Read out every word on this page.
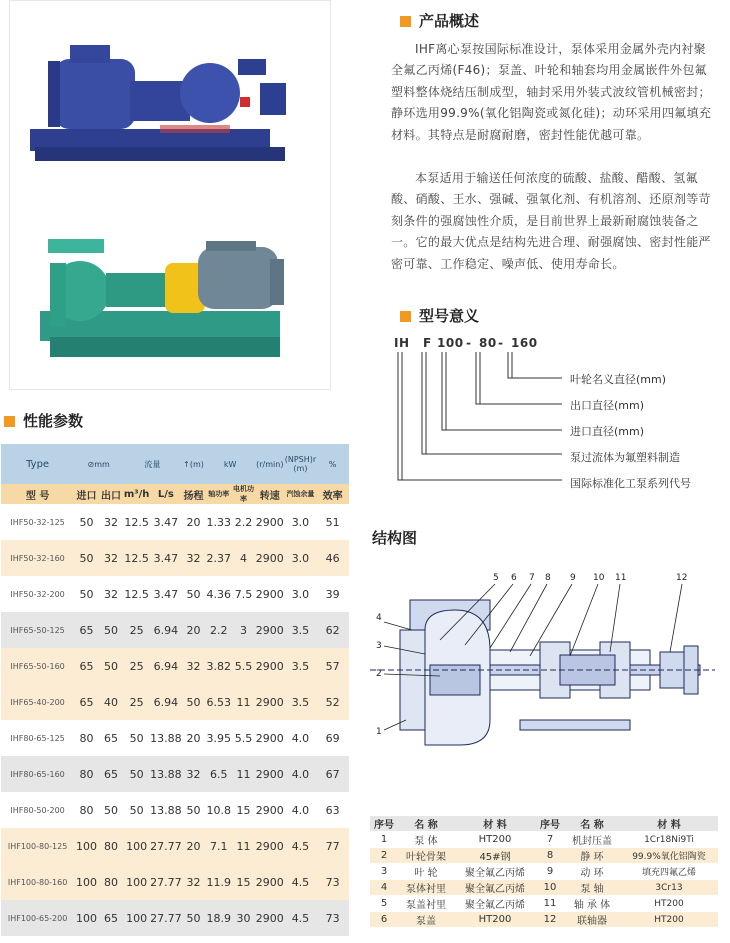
产品概述
IHF离心泵按国际标准设计，泵体采用金属外壳内衬聚全氟乙丙烯(F46)；泵盖、叶轮和轴套均用金属嵌件外包氟塑料整体烧结压制成型，轴封采用外装式波纹管机械密封；静环选用99.9%(氧化铝陶瓷或氮化硅)；动环采用四氟填充材料。其特点是耐腐耐磨，密封性能优越可靠。
本泵适用于输送任何浓度的硫酸、盐酸、醋酸、氢氟酸、硝酸、王水、强碱、强氧化剂、有机溶剂、还原剂等苛刻条件的强腐蚀性介质，是目前世界上最新耐腐蚀装备之一。它的最大优点是结构先进合理、耐强腐蚀、密封性能严密可靠、工作稳定、噪声低、使用寿命长。
型号意义
IH F 100 - 80 - 160
叶轮名义直径(mm)
出口直径(mm)
进口直径(mm)
泵过流体为氟塑料制造
国际标准化工泵系列代号
结构图
5 6 7 8 9 10 11	12
4
3
2
1
性能参数
Type	⊘mm		流量		↑(m)	kW		(r/min)	(NPSH)r (m)	%
型 号	进口	出口	m³/h	L/s	扬程	轴功率	电机功率	转速	汽蚀余量	效率
IHF50-32-125	50	32	12.5	3.47	20	1.33	2.2	2900	3.0	51
IHF50-32-160	50	32	12.5	3.47	32	2.37	4	2900	3.0	46
IHF50-32-200	50	32	12.5	3.47	50	4.36	7.5	2900	3.0	39
IHF65-50-125	65	50	25	6.94	20	2.2	3	2900	3.5	62
IHF65-50-160	65	50	25	6.94	32	3.82	5.5	2900	3.5	57
IHF65-40-200	65	40	25	6.94	50	6.53	11	2900	3.5	52
IHF80-65-125	80	65	50	13.88	20	3.95	5.5	2900	4.0	69
IHF80-65-160	80	65	50	13.88	32	6.5	11	2900	4.0	67
IHF80-50-200	80	50	50	13.88	50	10.8	15	2900	4.0	63
IHF100-80-125	100	80	100	27.77	20	7.1	11	2900	4.5	77
IHF100-80-160	100	80	100	27.77	32	11.9	15	2900	4.5	73
IHF100-65-200	100	65	100	27.77	50	18.9	30	2900	4.5	73
序号	名 称	材 料	序号	名 称	材 料
1	泵 体	HT200	7	机封压盖	1Cr18Ni9Ti
2	叶轮骨架	45#钢	8	静 环	99.9%氧化铝陶瓷
3	叶 轮	聚全氟乙丙烯	9	动 环	填充四氟乙烯
4	泵体衬里	聚全氟乙丙烯	10	泵 轴	3Cr13
5	泵盖衬里	聚全氟乙丙烯	11	轴 承 体	HT200
6	泵盖	HT200	12	联轴器	HT200
